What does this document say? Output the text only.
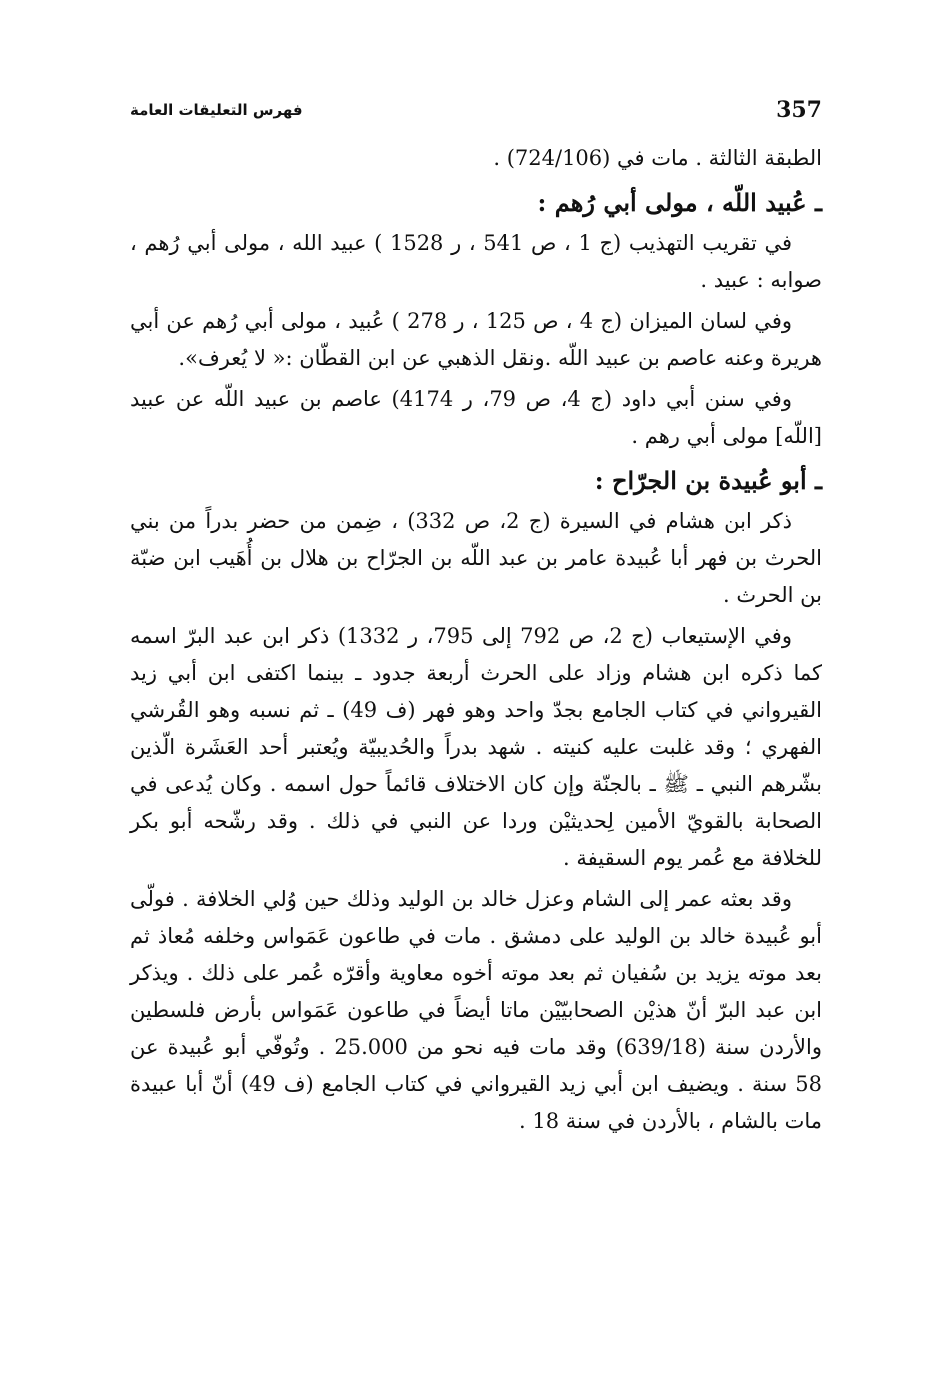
357
فهرس التعليقات العامة

الطبقة الثالثة . مات في (724/106) .

ـ عُبيد اللّه ، مولى أبي رُهم :

في تقريب التهذيب (ج 1 ، ص 541 ، ر 1528 ) عبيد الله ، مولى أبي رُهم ، صوابه : عبيد .

وفي لسان الميزان (ج 4 ، ص 125 ، ر 278 ) عُبيد ، مولى أبي رُهم عن أبي هريرة وعنه عاصم بن عبيد اللّه .ونقل الذهبي عن ابن القطّان :« لا يُعرف».

وفي سنن أبي داود (ج 4، ص 79، ر 4174) عاصم بن عبيد اللّه عن عبيد [اللّه] مولى أبي رهم .

ـ أبو عُبيدة بن الجرّاح :

ذكر ابن هشام في السيرة (ج 2، ص 332) ، ضِمن من حضر بدراً من بني الحرث بن فهر أبا عُبيدة عامر بن عبد اللّه بن الجرّاح بن هلال بن أُهَيب ابن ضبّة بن الحرث .

وفي الإستيعاب (ج 2، ص 792 إلى 795، ر 1332) ذكر ابن عبد البرّ اسمه كما ذكره ابن هشام وزاد على الحرث أربعة جدود ـ بينما اكتفى ابن أبي زيد القيرواني في كتاب الجامع بجدّ واحد وهو فهر (ف 49) ـ ثم نسبه وهو القُرشي الفهري ؛ وقد غلبت عليه كنيته . شهد بدراً والحُديبيّة ويُعتبر أحد العَشَرة الّذين بشّرهم النبي ـ ﷺ ـ بالجنّة وإن كان الاختلاف قائماً حول اسمه . وكان يُدعى في الصحابة بالقويّ الأمين لِحديثيْن وردا عن النبي في ذلك . وقد رشّحه أبو بكر للخلافة مع عُمر يوم السقيفة .

وقد بعثه عمر إلى الشام وعزل خالد بن الوليد وذلك حين وُلي الخلافة . فولّى أبو عُبيدة خالد بن الوليد على دمشق . مات في طاعون عَمَواس وخلفه مُعاذ ثم بعد موته يزيد بن سُفيان ثم بعد موته أخوه معاوية وأقرّه عُمر على ذلك . ويذكر ابن عبد البرّ أنّ هذيْن الصحابيّيْن ماتا أيضاً في طاعون عَمَواس بأرض فلسطين والأردن سنة (639/18) وقد مات فيه نحو من 25.000 . وتُوفّي أبو عُبيدة عن 58 سنة . ويضيف ابن أبي زيد القيرواني في كتاب الجامع (ف 49) أنّ أبا عبيدة مات بالشام ، بالأردن في سنة 18 .
